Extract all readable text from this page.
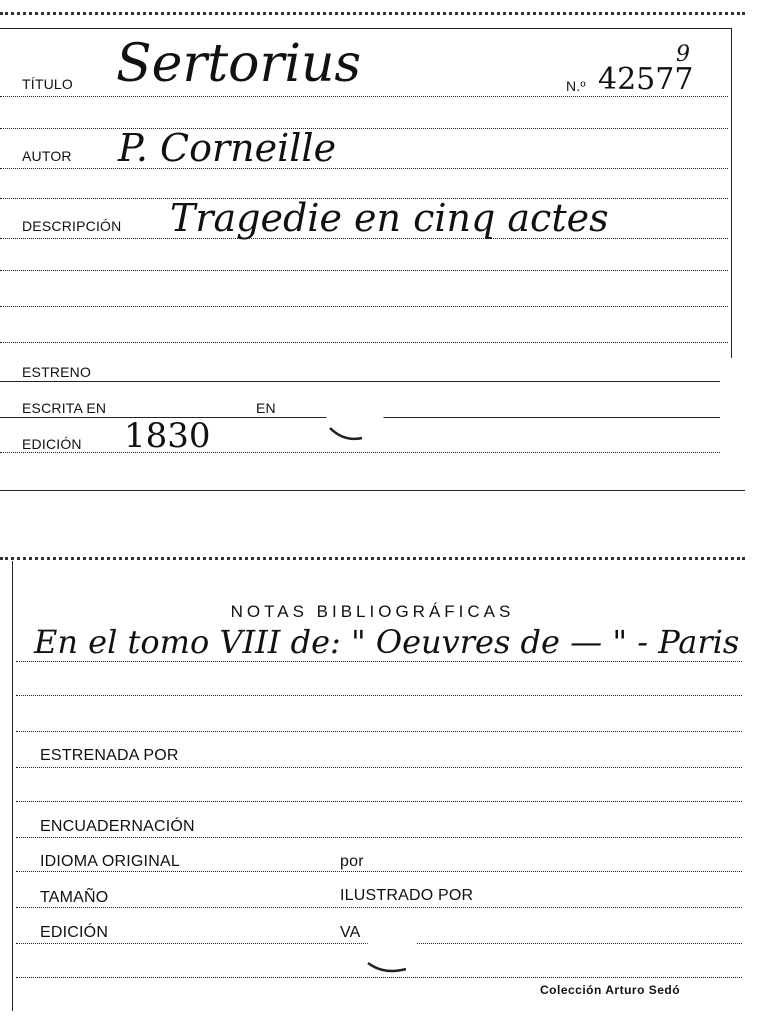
TÍTULO Sertorius	N.º 42577
9
AUTOR P. Corneille
DESCRIPCIÓN Tragedie en cinq actes
ESTRENO
ESCRITA EN	EN
EDICIÓN 1830
NOTAS BIBLIOGRÁFICAS
En el tomo VIII de: " Oeuvres de — " - Paris
ESTRENADA POR
ENCUADERNACIÓN
IDIOMA ORIGINAL	por
TAMAÑO	ILUSTRADO POR
EDICIÓN	VA
Colección Arturo Sedó
